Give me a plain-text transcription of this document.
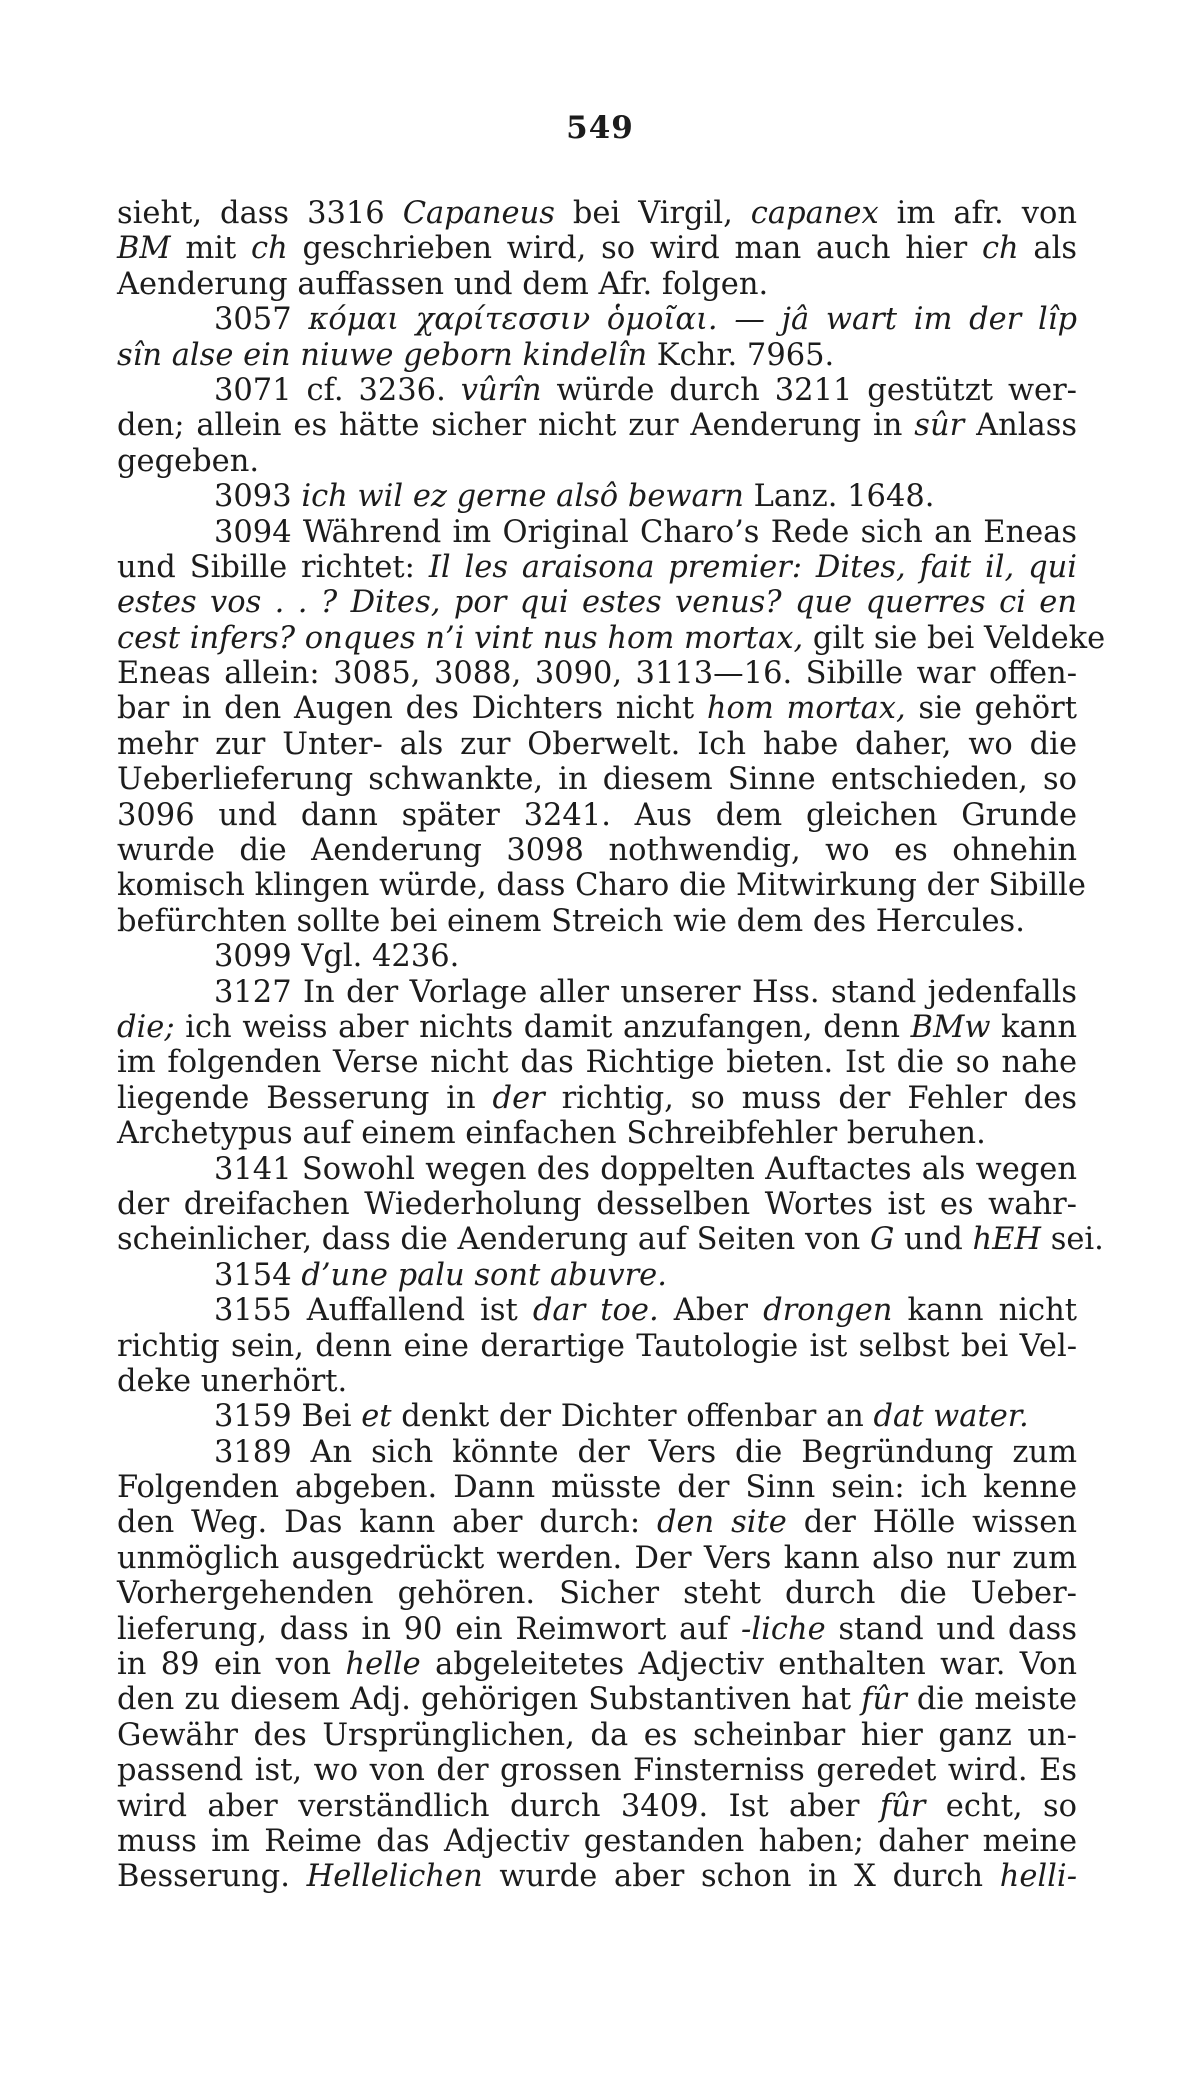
549
sieht, dass 3316 Capaneus bei Virgil, capanex im afr. von
BM mit ch geschrieben wird, so wird man auch hier ch als
Aenderung auffassen und dem Afr. folgen.
3057 κόμαι χαρίτεσσιν ὁμοῖαι. — jâ wart im der lîp
sîn alse ein niuwe geborn kindelîn Kchr. 7965.
3071 cf. 3236. vûrîn würde durch 3211 gestützt wer-
den; allein es hätte sicher nicht zur Aenderung in sûr Anlass
gegeben.
3093 ich wil ez gerne alsô bewarn Lanz. 1648.
3094 Während im Original Charo’s Rede sich an Eneas
und Sibille richtet: Il les araisona premier: Dites, fait il, qui
estes vos . . ? Dites, por qui estes venus? que querres ci en
cest infers? onques n’i vint nus hom mortax, gilt sie bei Veldeke
Eneas allein: 3085, 3088, 3090, 3113—16. Sibille war offen-
bar in den Augen des Dichters nicht hom mortax, sie gehört
mehr zur Unter- als zur Oberwelt. Ich habe daher, wo die
Ueberlieferung schwankte, in diesem Sinne entschieden, so
3096 und dann später 3241. Aus dem gleichen Grunde
wurde die Aenderung 3098 nothwendig, wo es ohnehin
komisch klingen würde, dass Charo die Mitwirkung der Sibille
befürchten sollte bei einem Streich wie dem des Hercules.
3099 Vgl. 4236.
3127 In der Vorlage aller unserer Hss. stand jedenfalls
die; ich weiss aber nichts damit anzufangen, denn BMw kann
im folgenden Verse nicht das Richtige bieten. Ist die so nahe
liegende Besserung in der richtig, so muss der Fehler des
Archetypus auf einem einfachen Schreibfehler beruhen.
3141 Sowohl wegen des doppelten Auftactes als wegen
der dreifachen Wiederholung desselben Wortes ist es wahr-
scheinlicher, dass die Aenderung auf Seiten von G und hEH sei.
3154 d’une palu sont abuvre.
3155 Auffallend ist dar toe. Aber drongen kann nicht
richtig sein, denn eine derartige Tautologie ist selbst bei Vel-
deke unerhört.
3159 Bei et denkt der Dichter offenbar an dat water.
3189 An sich könnte der Vers die Begründung zum
Folgenden abgeben. Dann müsste der Sinn sein: ich kenne
den Weg. Das kann aber durch: den site der Hölle wissen
unmöglich ausgedrückt werden. Der Vers kann also nur zum
Vorhergehenden gehören. Sicher steht durch die Ueber-
lieferung, dass in 90 ein Reimwort auf -liche stand und dass
in 89 ein von helle abgeleitetes Adjectiv enthalten war. Von
den zu diesem Adj. gehörigen Substantiven hat fûr die meiste
Gewähr des Ursprünglichen, da es scheinbar hier ganz un-
passend ist, wo von der grossen Finsterniss geredet wird. Es
wird aber verständlich durch 3409. Ist aber fûr echt, so
muss im Reime das Adjectiv gestanden haben; daher meine
Besserung. Hellelichen wurde aber schon in X durch helli-
